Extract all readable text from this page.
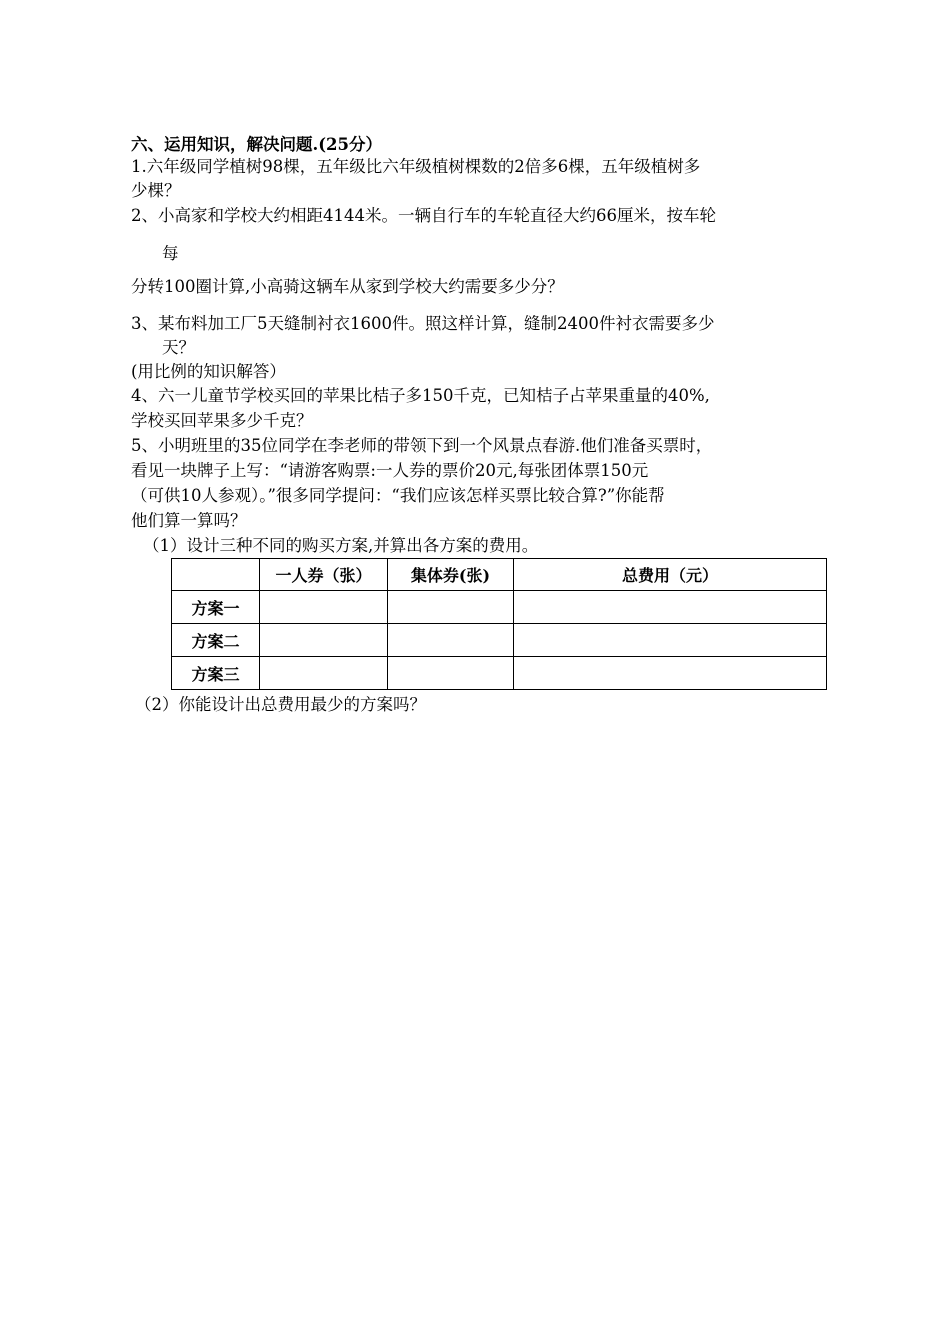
六、运用知识，解决问题.(25分）
1.六年级同学植树98棵，五年级比六年级植树棵数的2倍多6棵，五年级植树多
少棵？
2、小高家和学校大约相距4144米。一辆自行车的车轮直径大约66厘米，按车轮
每
分转100圈计算,小高骑这辆车从家到学校大约需要多少分？
3、某布料加工厂5天缝制衬衣1600件。照这样计算，缝制2400件衬衣需要多少
天？
(用比例的知识解答）
4、六一儿童节学校买回的苹果比桔子多150千克，已知桔子占苹果重量的40%,
学校买回苹果多少千克？
5、小明班里的35位同学在李老师的带领下到一个风景点春游.他们准备买票时，
看见一块牌子上写：“请游客购票:一人券的票价20元,每张团体票150元
（可供10人参观）。”很多同学提问：“我们应该怎样买票比较合算?”你能帮
他们算一算吗？
（1）设计三种不同的购买方案,并算出各方案的费用。
	一人券（张）	集体券(张)	总费用（元）
方案一			
方案二			
方案三			
（2）你能设计出总费用最少的方案吗？
